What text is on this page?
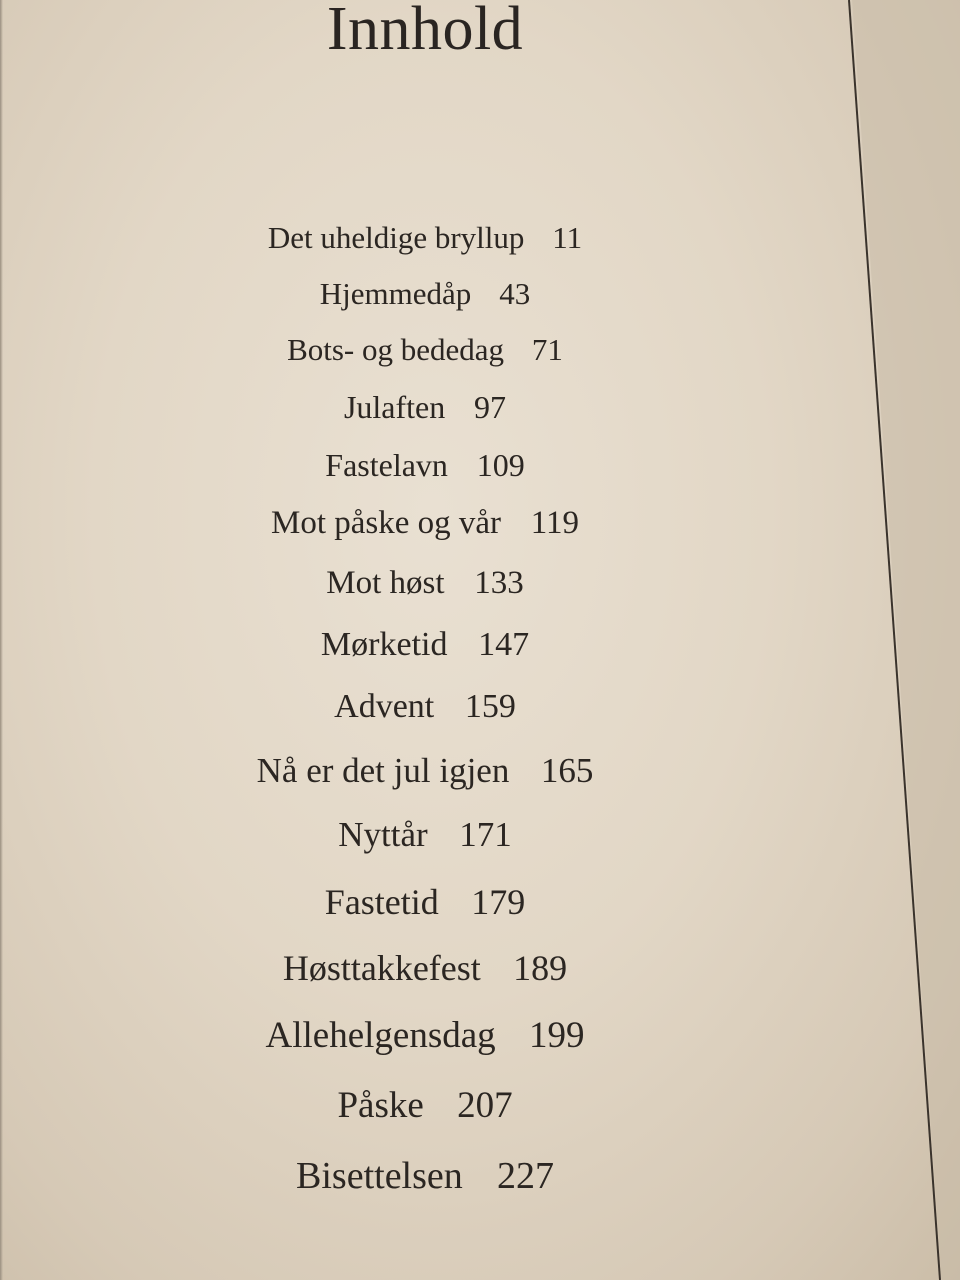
Innhold
Det uheldige bryllup 11
Hjemmedåp 43
Bots- og bededag 71
Julaften 97
Fastelavn 109
Mot påske og vår 119
Mot høst 133
Mørketid 147
Advent 159
Nå er det jul igjen 165
Nyttår 171
Fastetid 179
Høsttakkefest 189
Allehelgensdag 199
Påske 207
Bisettelsen 227
